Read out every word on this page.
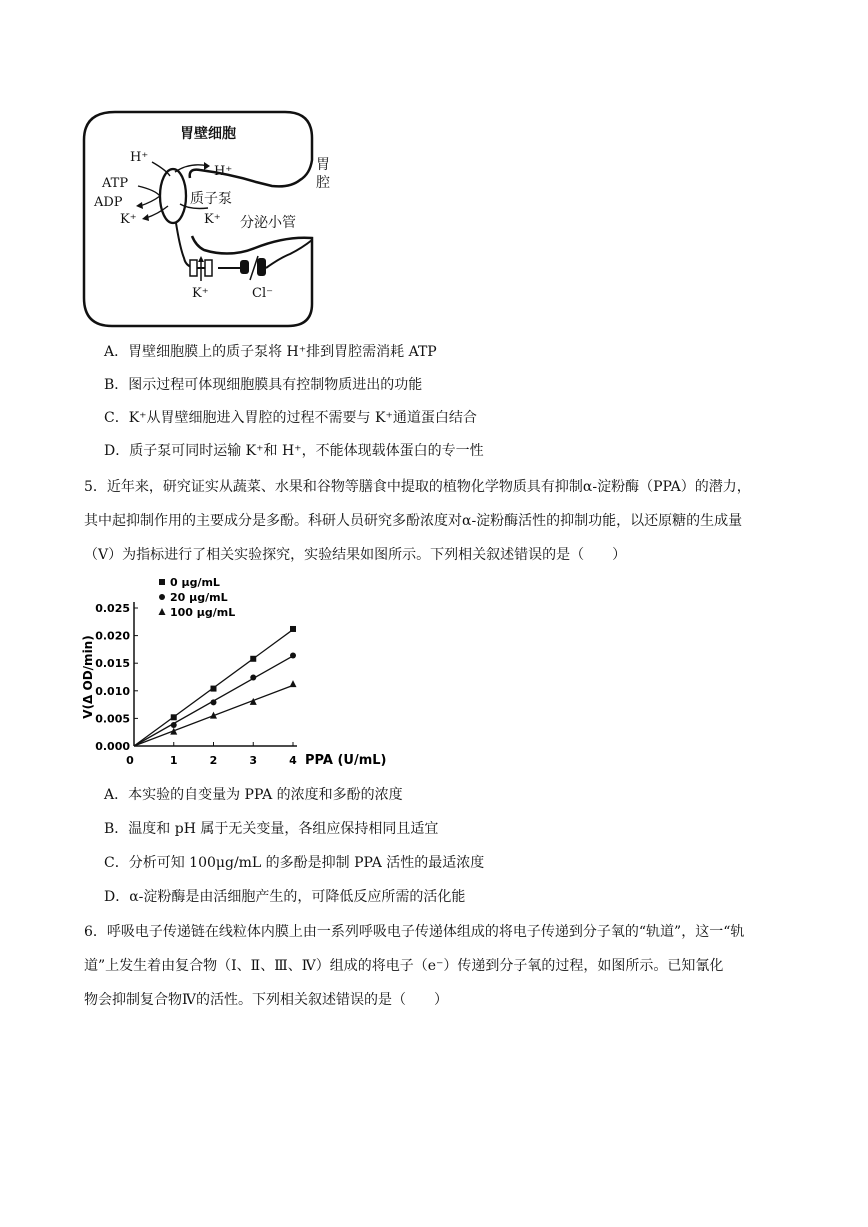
胃壁细胞
胃
腔
H⁺
H⁺
ATP
ADP
K⁺	K⁺
质子泵
分泌小管
K⁺	Cl⁻
A．胃壁细胞膜上的质子泵将 H⁺排到胃腔需消耗 ATP
B．图示过程可体现细胞膜具有控制物质进出的功能
C．K⁺从胃壁细胞进入胃腔的过程不需要与 K⁺通道蛋白结合
D．质子泵可同时运输 K⁺和 H⁺，不能体现载体蛋白的专一性
5．近年来，研究证实从蔬菜、水果和谷物等膳食中提取的植物化学物质具有抑制α-淀粉酶（PPA）的潜力，
其中起抑制作用的主要成分是多酚。科研人员研究多酚浓度对α-淀粉酶活性的抑制功能，以还原糖的生成量
（V）为指标进行了相关实验探究，实验结果如图所示。下列相关叙述错误的是（　　）
0.000
0.005
0.010
0.015
0.020
0.025
0	1	2	3	4 PPA (U/mL)
V(Δ OD/min)
0 μg/mL
20 μg/mL
100 μg/mL
A．本实验的自变量为 PPA 的浓度和多酚的浓度
B．温度和 pH 属于无关变量，各组应保持相同且适宜
C．分析可知 100μg/mL 的多酚是抑制 PPA 活性的最适浓度
D．α-淀粉酶是由活细胞产生的，可降低反应所需的活化能
6．呼吸电子传递链在线粒体内膜上由一系列呼吸电子传递体组成的将电子传递到分子氧的“轨道”，这一“轨
道”上发生着由复合物（Ⅰ、Ⅱ、Ⅲ、Ⅳ）组成的将电子（e⁻）传递到分子氧的过程，如图所示。已知氰化
物会抑制复合物Ⅳ的活性。下列相关叙述错误的是（　　）
